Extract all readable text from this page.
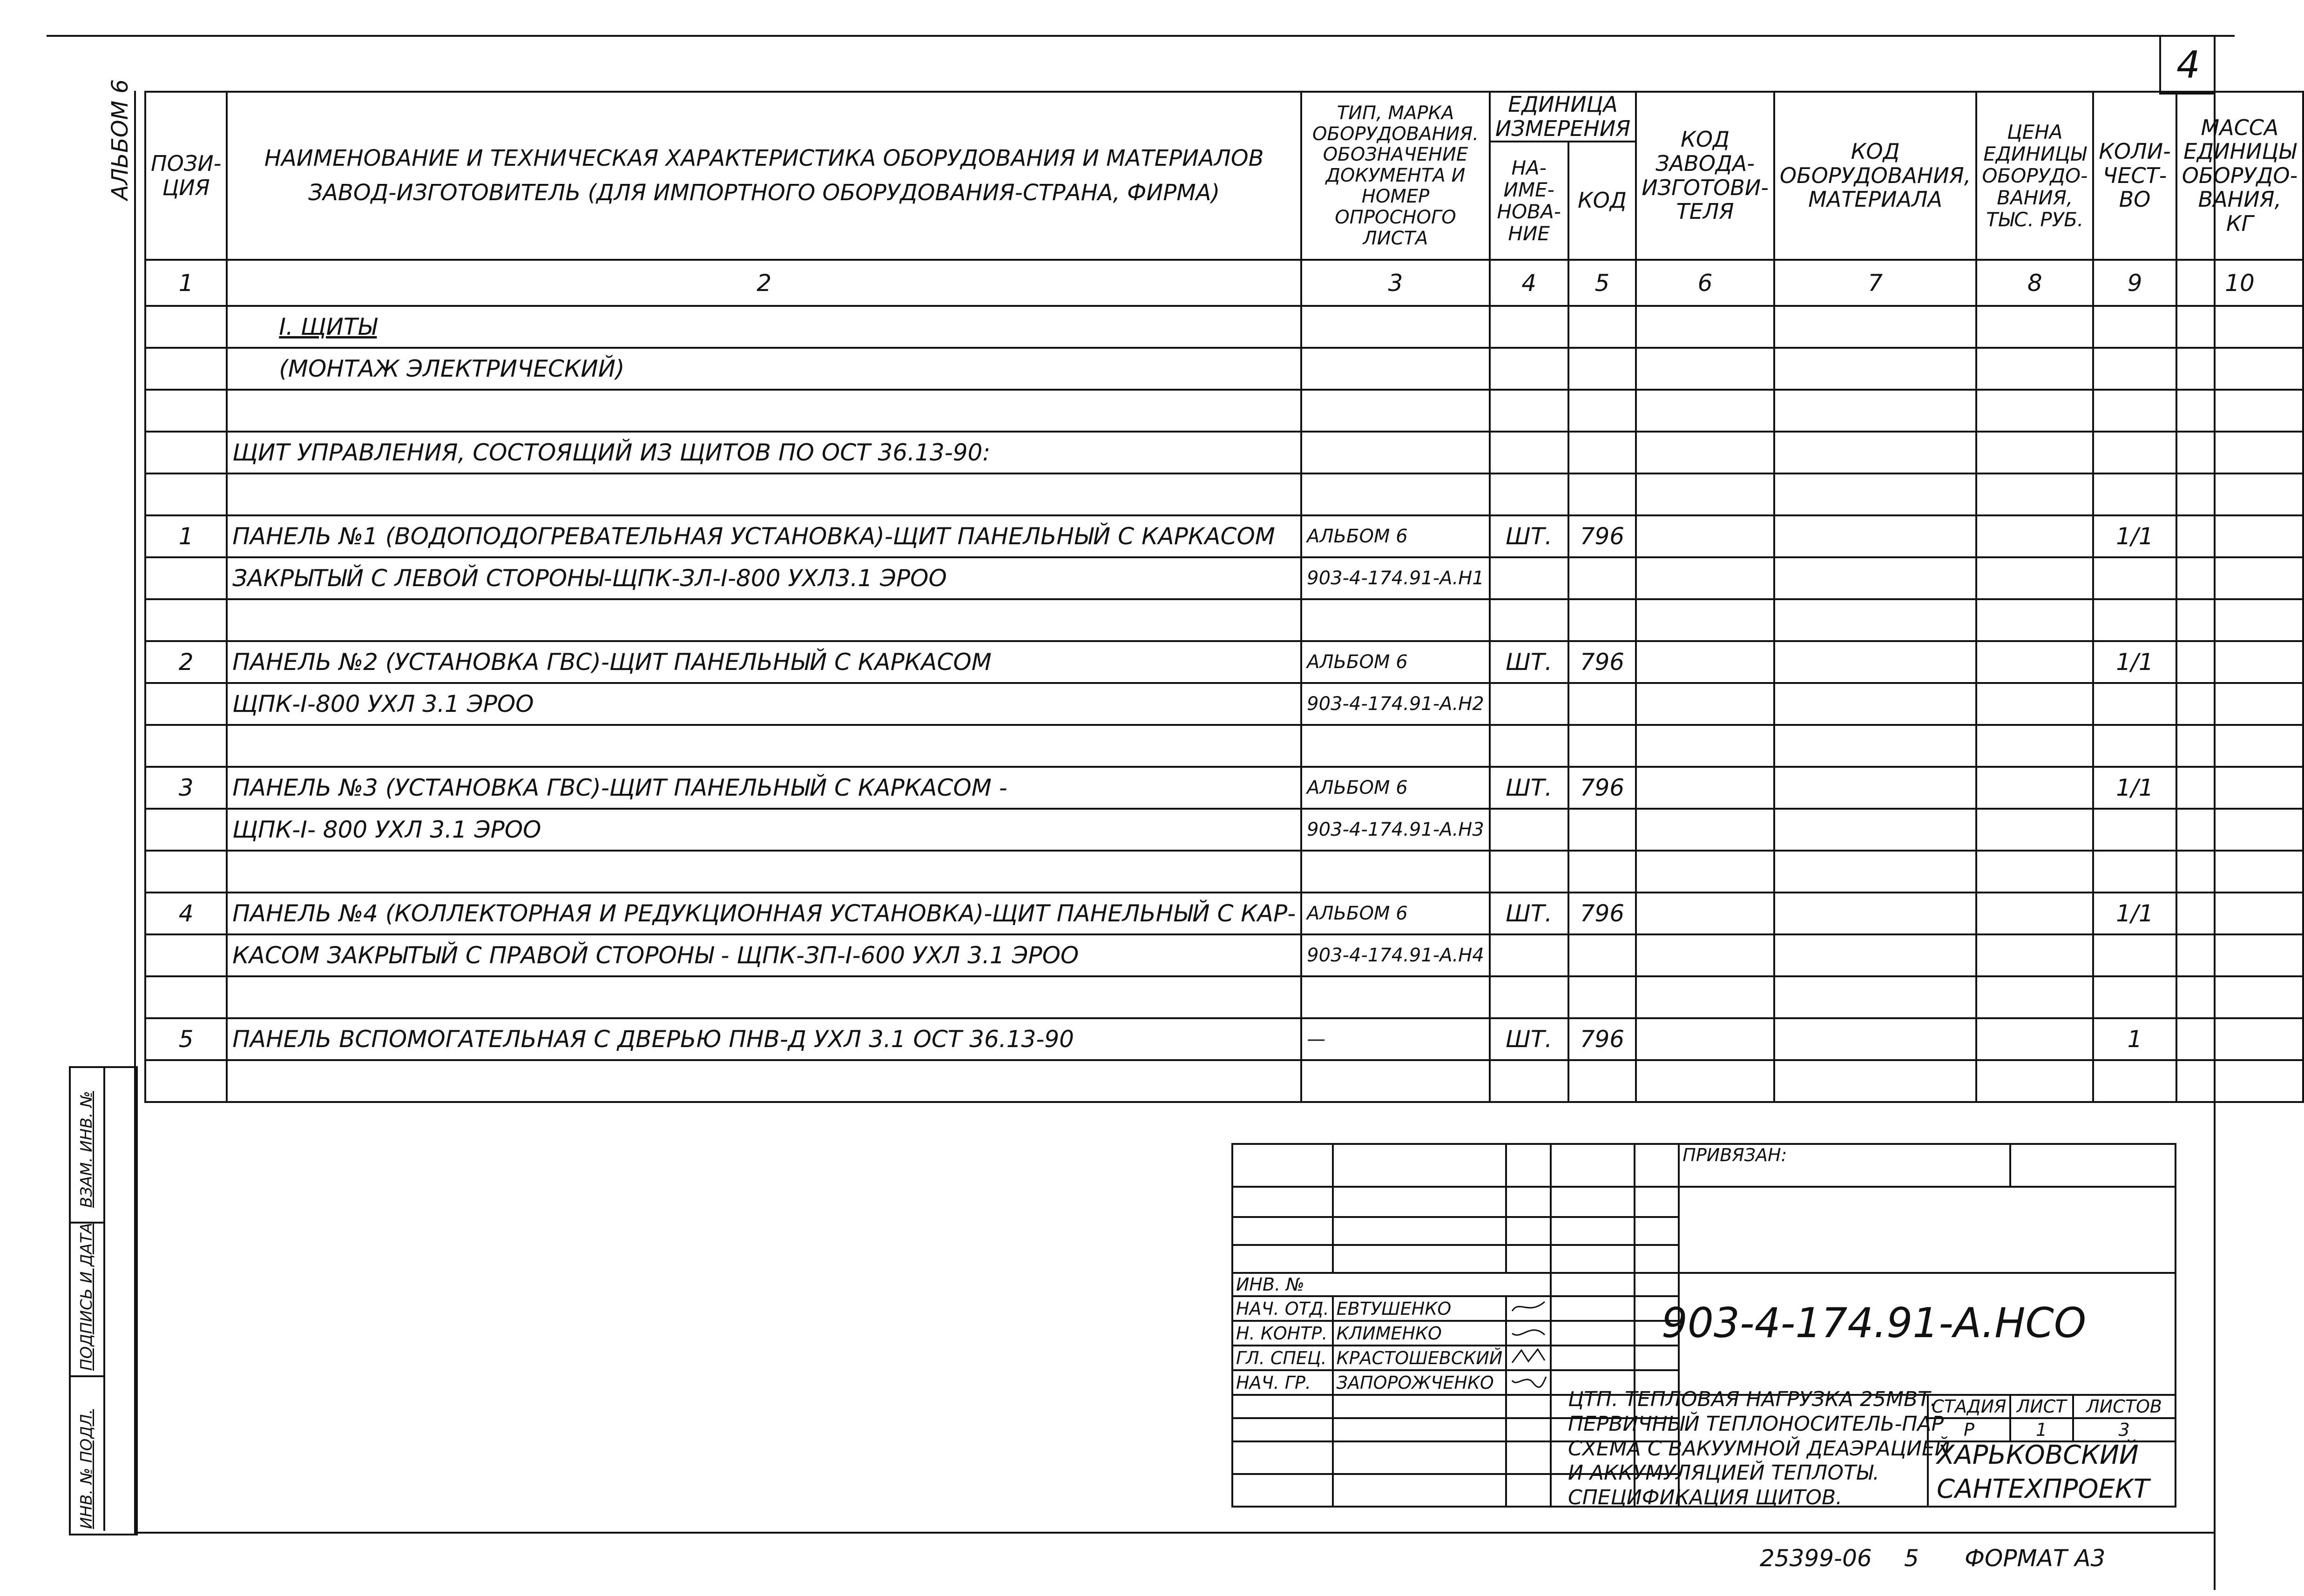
4
АЛЬБОМ 6
ИНВ. № ПОДЛ.
ПОДПИСЬ И ДАТА
ВЗАМ. ИНВ. №
ПОЗИ- ЦИЯ	НАИМЕНОВАНИЕ И ТЕХНИЧЕСКАЯ ХАРАКТЕРИСТИКА ОБОРУДОВАНИЯ И МАТЕРИАЛОВ
ЗАВОД-ИЗГОТОВИТЕЛЬ (ДЛЯ ИМПОРТНОГО ОБОРУДОВАНИЯ-СТРАНА, ФИРМА)	ТИП, МАРКА ОБОРУДОВАНИЯ. ОБОЗНАЧЕНИЕ ДОКУМЕНТА И НОМЕР ОПРОСНОГО ЛИСТА	ЕДИНИЦА ИЗМЕРЕНИЯ		КОД ЗАВОДА- ИЗГОТОВИ- ТЕЛЯ	КОД ОБОРУДОВАНИЯ, МАТЕРИАЛА	ЦЕНА ЕДИНИЦЫ ОБОРУДО- ВАНИЯ, ТЫС. РУБ.	КОЛИ- ЧЕСТ- ВО	МАССА ЕДИНИЦЫ ОБОРУДО- ВАНИЯ, КГ
			НА- ИМЕ- НОВА- НИЕ	КОД					
1	2	3	4	5	6	7	8	9	10
	I. ЩИТЫ								
	(МОНТАЖ ЭЛЕКТРИЧЕСКИЙ)								

	ЩИТ УПРАВЛЕНИЯ, СОСТОЯЩИЙ ИЗ ЩИТОВ ПО ОСТ 36.13-90:								

1	ПАНЕЛЬ №1 (ВОДОПОДОГРЕВАТЕЛЬНАЯ УСТАНОВКА)-ЩИТ ПАНЕЛЬНЫЙ С КАРКАСОМ	АЛЬБОМ 6	ШТ.	796				1/1	
	ЗАКРЫТЫЙ С ЛЕВОЙ СТОРОНЫ-ЩПК-ЗЛ-I-800 УХЛ3.1 ЭРОО	903-4-174.91-А.Н1							

2	ПАНЕЛЬ №2 (УСТАНОВКА ГВС)-ЩИТ ПАНЕЛЬНЫЙ С КАРКАСОМ	АЛЬБОМ 6	ШТ.	796				1/1	
	ЩПК-I-800 УХЛ 3.1 ЭРОО	903-4-174.91-А.Н2							

3	ПАНЕЛЬ №3 (УСТАНОВКА ГВС)-ЩИТ ПАНЕЛЬНЫЙ С КАРКАСОМ -	АЛЬБОМ 6	ШТ.	796				1/1	
	ЩПК-I- 800 УХЛ 3.1 ЭРОО	903-4-174.91-А.Н3							

4	ПАНЕЛЬ №4 (КОЛЛЕКТОРНАЯ И РЕДУКЦИОННАЯ УСТАНОВКА)-ЩИТ ПАНЕЛЬНЫЙ С КАР-	АЛЬБОМ 6	ШТ.	796				1/1	
	КАСОМ ЗАКРЫТЫЙ С ПРАВОЙ СТОРОНЫ - ЩПК-ЗП-I-600 УХЛ 3.1 ЭРОО	903-4-174.91-А.Н4							

5	ПАНЕЛЬ ВСПОМОГАТЕЛЬНАЯ С ДВЕРЬЮ ПНВ-Д УХЛ 3.1 ОСТ 36.13-90	—	ШТ.	796				1	

					ПРИВЯЗАН:			

ИНВ. №								
НАЧ. ОТД.	ЕВТУШЕНКО			
Н. КОНТР.	КЛИМЕНКО			
ГЛ. СПЕЦ.	КРАСТОШЕВСКИЙ			
НАЧ. ГР.	ЗАПОРОЖЧЕНКО			
						СТАДИЯ	ЛИСТ	ЛИСТОВ
						Р	1	3

903-4-174.91-А.НСО
ЦТП. ТЕПЛОВАЯ НАГРУЗКА 25МВТ.
ПЕРВИЧНЫЙ ТЕПЛОНОСИТЕЛЬ-ПАР
СХЕМА С ВАКУУМНОЙ ДЕАЭРАЦИЕЙ
И АККУМУЛЯЦИЕЙ ТЕПЛОТЫ.
СПЕЦИФИКАЦИЯ ЩИТОВ.
ХАРЬКОВСКИЙ
САНТЕХПРОЕКТ
25399-06 5 ФОРМАТ А3
